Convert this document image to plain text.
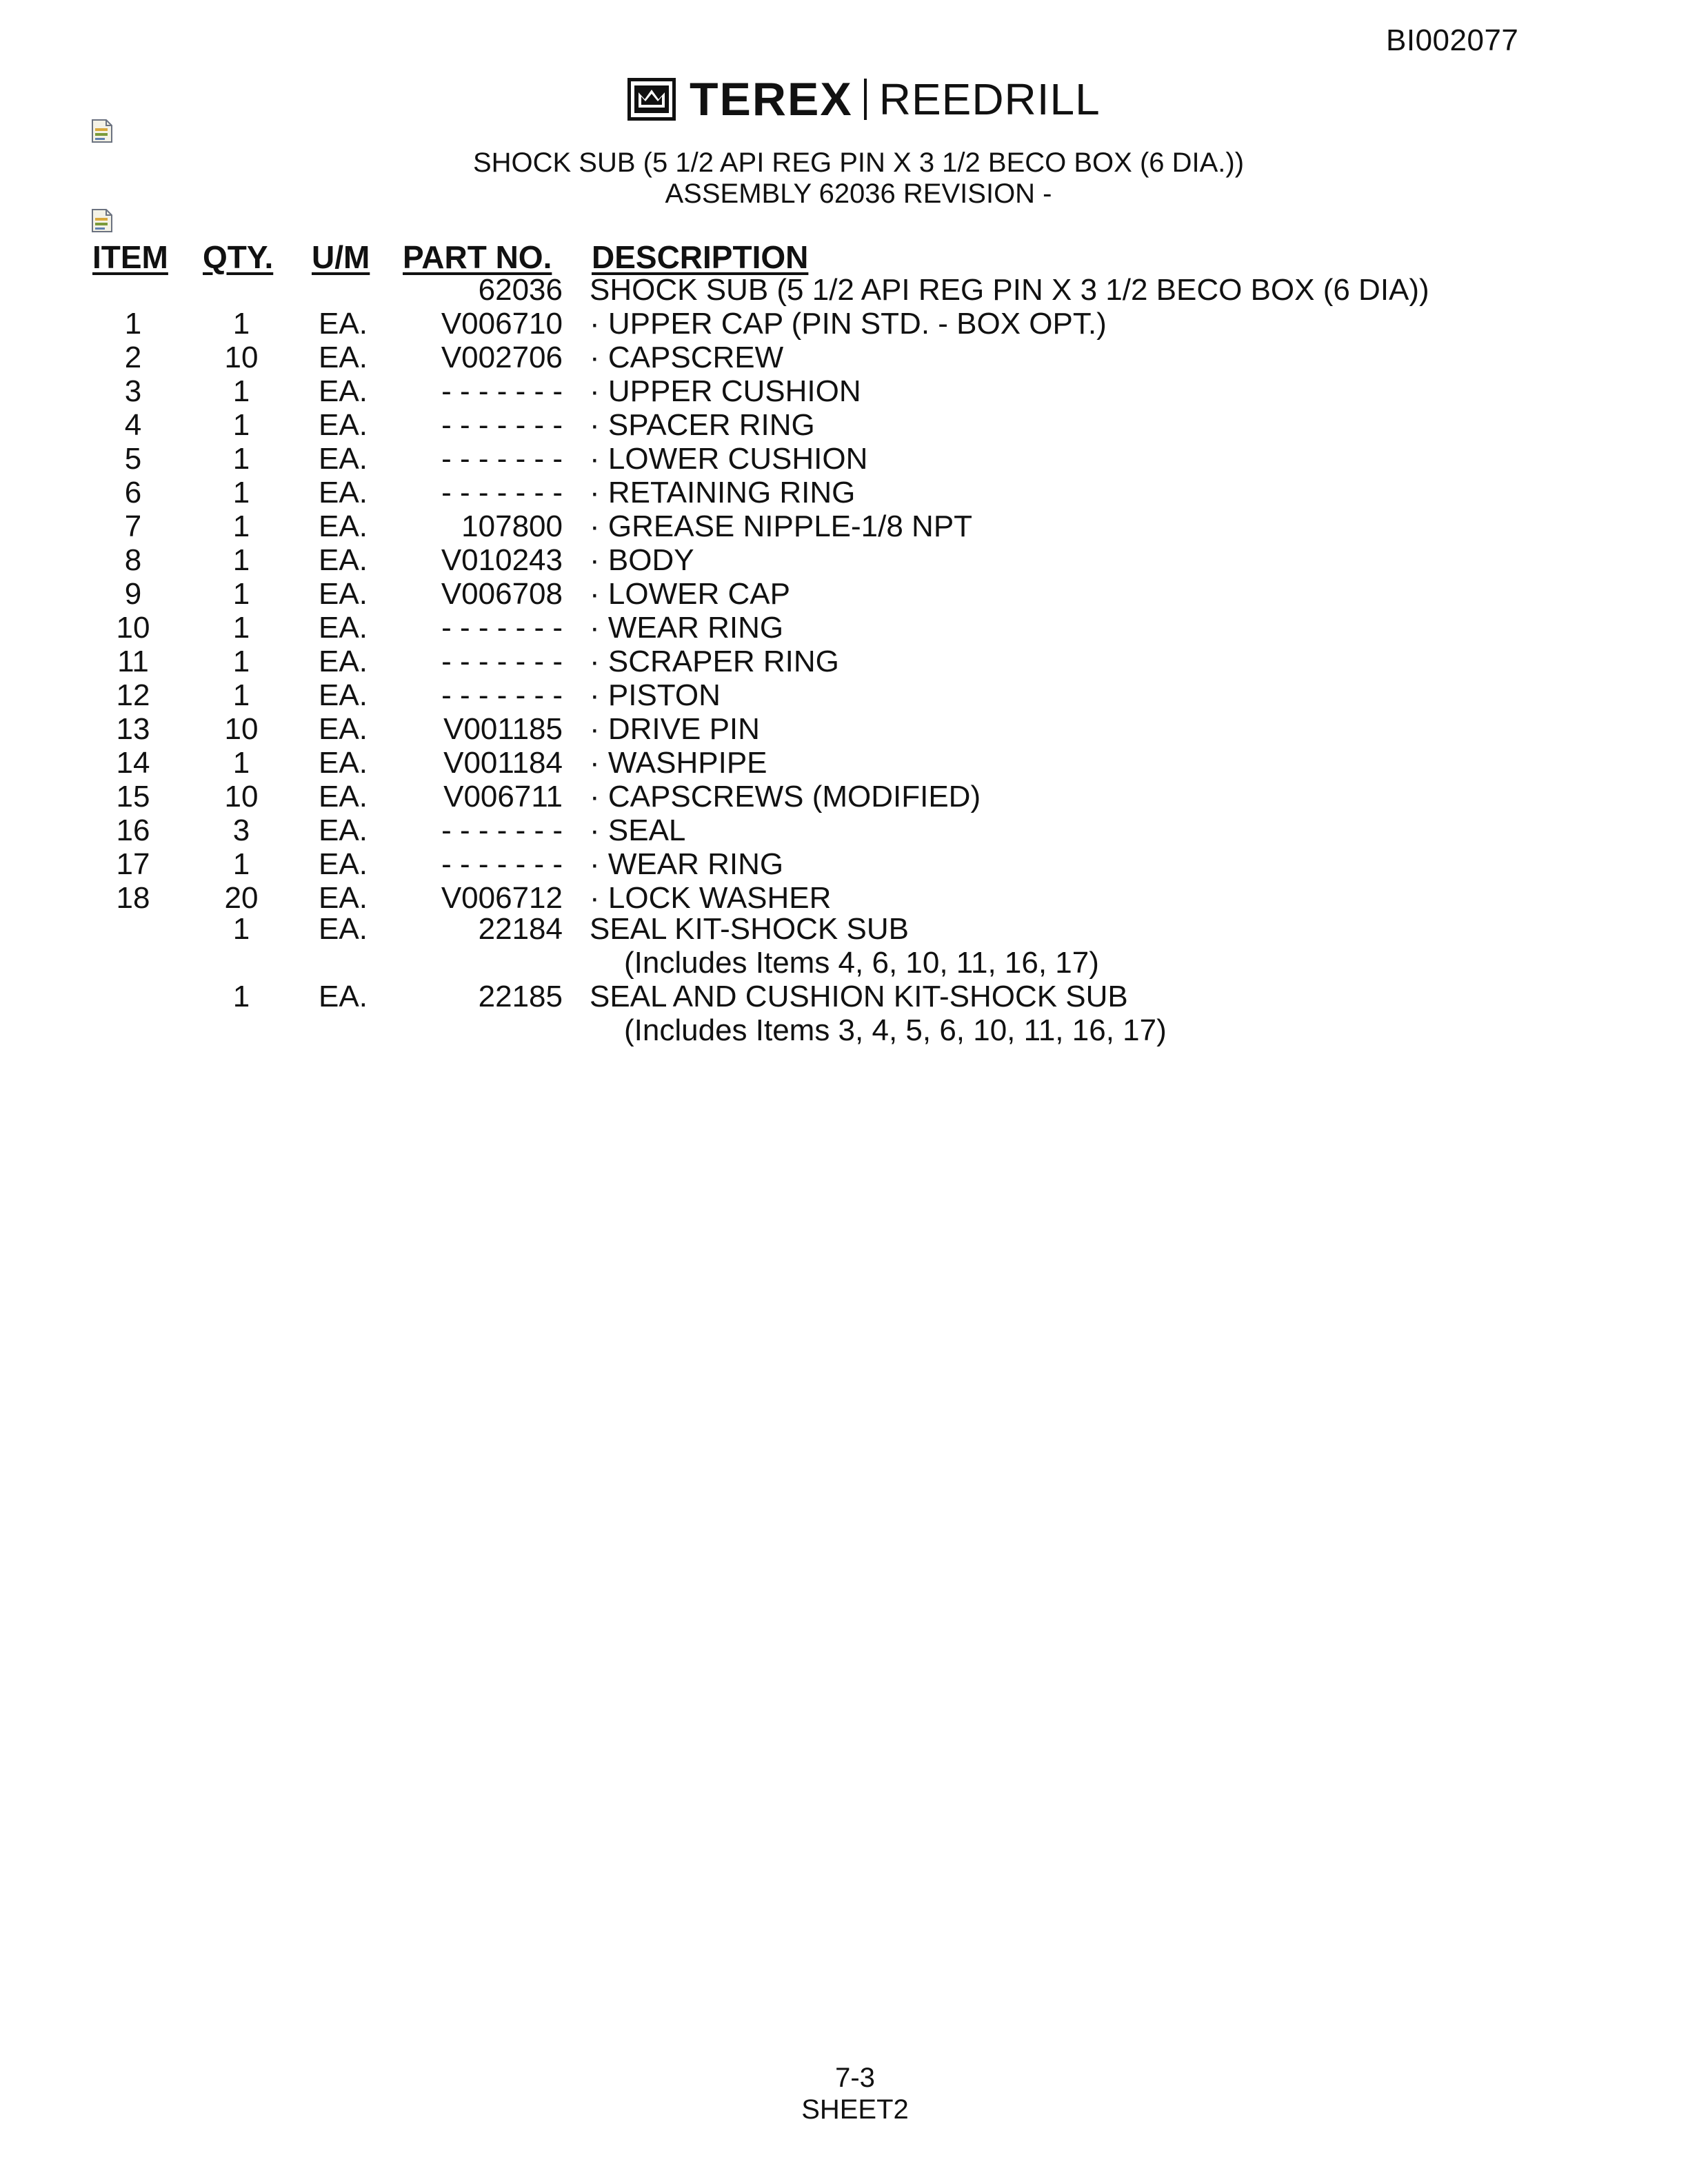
BI002077
TEREX REEDRILL
SHOCK SUB (5 1/2 API REG PIN X 3 1/2 BECO BOX (6 DIA.))
ASSEMBLY 62036 REVISION -
ITEM QTY. U/M PART NO. DESCRIPTION
62036 SHOCK SUB (5 1/2 API REG PIN X 3 1/2 BECO BOX (6 DIA))
1	1	EA. V006710 · UPPER CAP (PIN STD. - BOX OPT.)
2	10	EA. V002706 · CAPSCREW
3	1	EA. - - - - - - - · UPPER CUSHION
4	1	EA. - - - - - - - · SPACER RING
5	1	EA. - - - - - - - · LOWER CUSHION
6	1	EA. - - - - - - - · RETAINING RING
7	1	EA.	107800 · GREASE NIPPLE-1/8 NPT
8	1	EA. V010243 · BODY
9	1	EA. V006708 · LOWER CAP
10	1	EA. - - - - - - - · WEAR RING
11	1	EA. - - - - - - - · SCRAPER RING
12	1	EA. - - - - - - - · PISTON
13	10	EA.	V001185 · DRIVE PIN
14	1	EA.	V001184 · WASHPIPE
15	10	EA.	V006711 · CAPSCREWS (MODIFIED)
16	3	EA. - - - - - - - · SEAL
17	1	EA. - - - - - - - · WEAR RING
18	20	EA. V006712 · LOCK WASHER
1	EA.	22184 SEAL KIT-SHOCK SUB
(Includes Items 4, 6, 10, 11, 16, 17)
1	EA.	22185 SEAL AND CUSHION KIT-SHOCK SUB
(Includes Items 3, 4, 5, 6, 10, 11, 16, 17)
7-3
SHEET2
